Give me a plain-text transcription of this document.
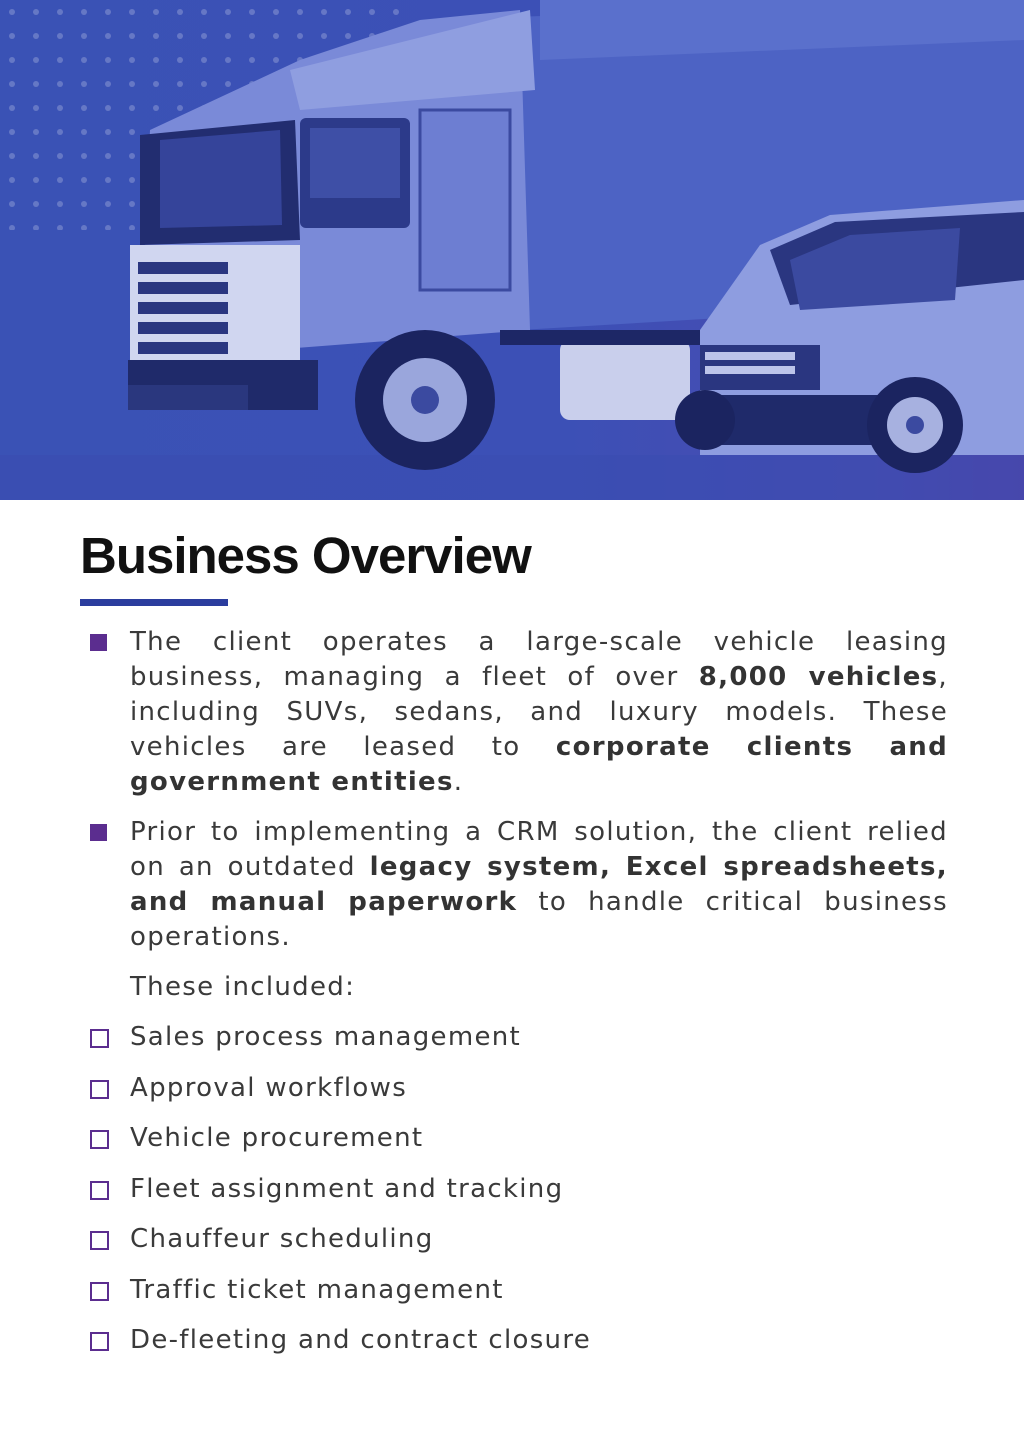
Business Overview

The client operates a large-scale vehicle leasing business, managing a fleet of over 8,000 vehicles, including SUVs, sedans, and luxury models. These vehicles are leased to corporate clients and government entities.

Prior to implementing a CRM solution, the client relied on an outdated legacy system, Excel spreadsheets, and manual paperwork to handle critical business operations.

These included:

Sales process management
Approval workflows
Vehicle procurement
Fleet assignment and tracking
Chauffeur scheduling
Traffic ticket management
De-fleeting and contract closure
